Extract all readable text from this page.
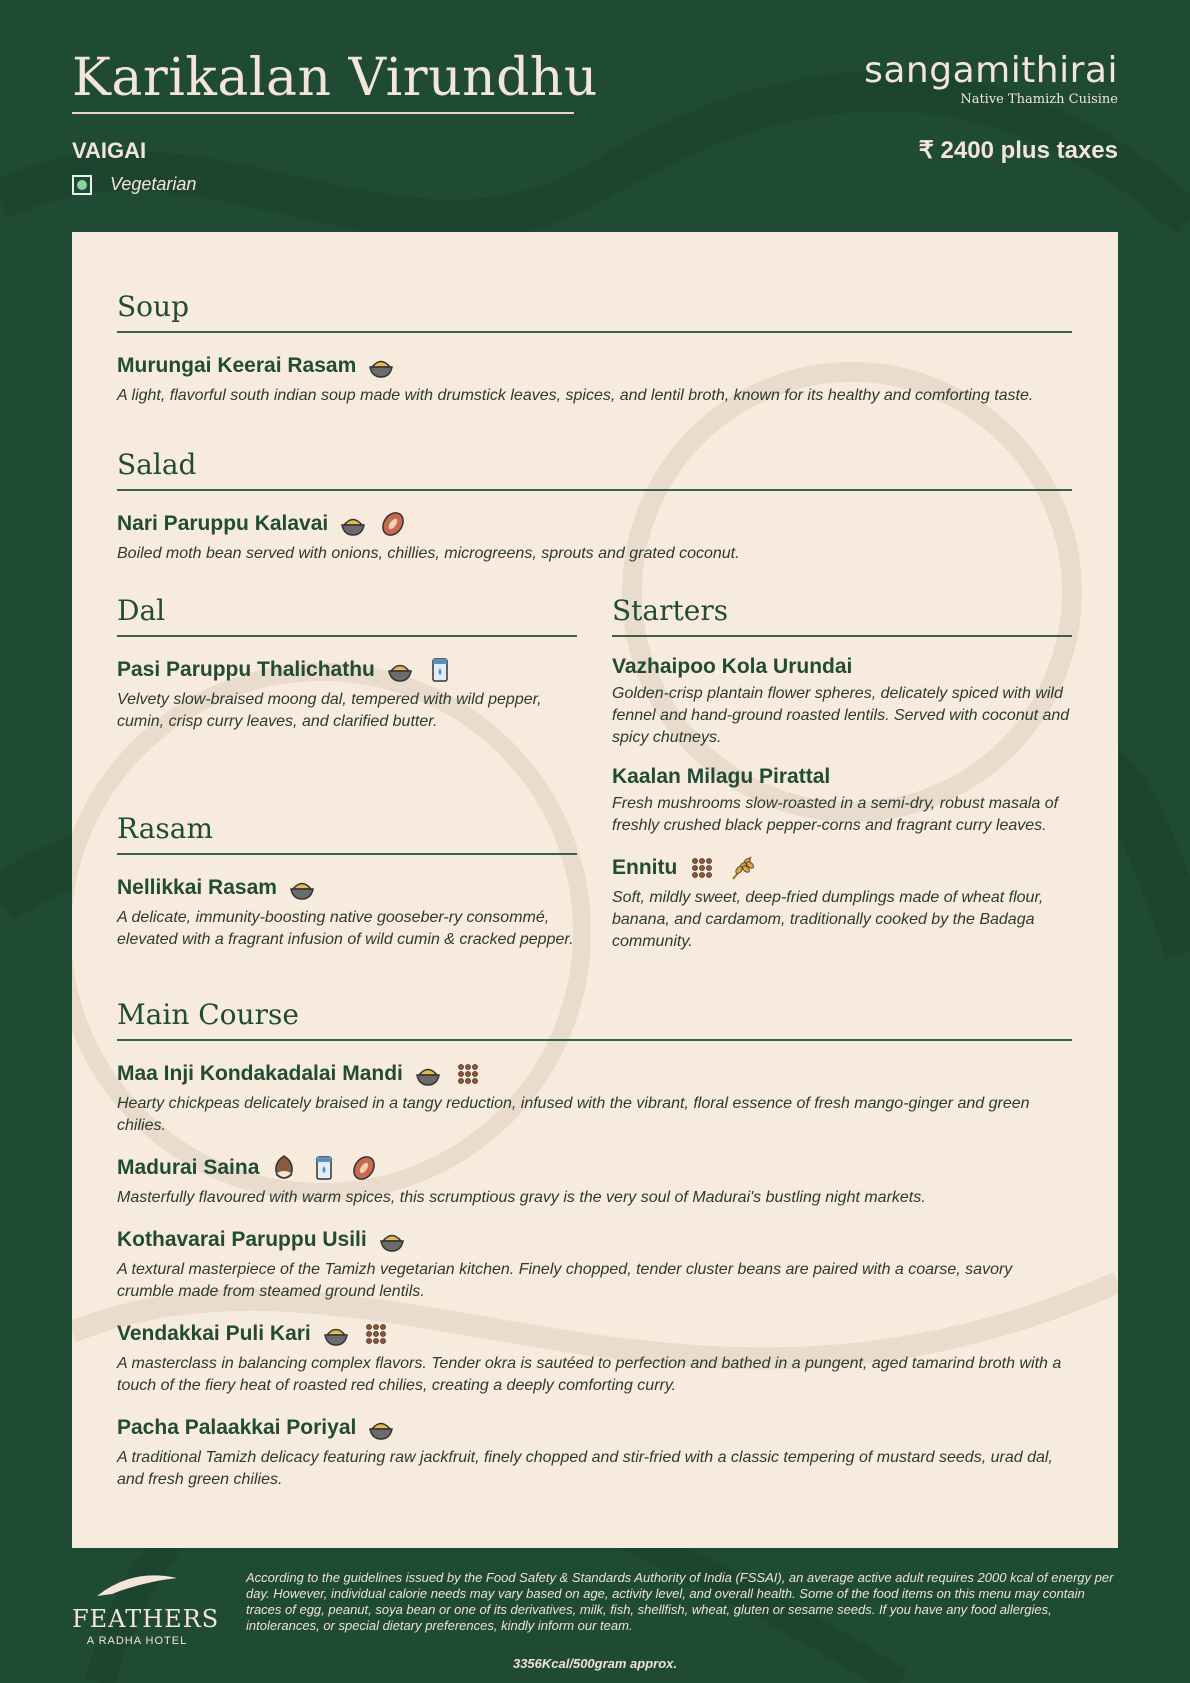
Karikalan Virundhu	sangamithirai
Native Thamizh Cuisine
VAIGAI	₹ 2400 plus taxes
Vegetarian
Soup
Murungai Keerai Rasam
A light, flavorful south indian soup made with drumstick leaves, spices, and lentil broth, known for its healthy and comforting taste.
Salad
Nari Paruppu Kalavai
Boiled moth bean served with onions, chillies, microgreens, sprouts and grated coconut.
Dal
Pasi Paruppu Thalichathu
Velvety slow-braised moong dal, tempered with wild pepper, cumin, crisp curry leaves, and clarified butter.
Rasam
Nellikkai Rasam
A delicate, immunity-boosting native gooseber-ry consommé, elevated with a fragrant infusion of wild cumin & cracked pepper.
Starters
Vazhaipoo Kola Urundai
Golden-crisp plantain flower spheres, delicately spiced with wild fennel and hand-ground roasted lentils. Served with coconut and spicy chutneys.
Kaalan Milagu Pirattal
Fresh mushrooms slow-roasted in a semi-dry, robust masala of freshly crushed black pepper-corns and fragrant curry leaves.
Ennitu
Soft, mildly sweet, deep-fried dumplings made of wheat flour, banana, and cardamom, traditionally cooked by the Badaga community.
Main Course
Maa Inji Kondakadalai Mandi
Hearty chickpeas delicately braised in a tangy reduction, infused with the vibrant, floral essence of fresh mango-ginger and green chilies.
Madurai Saina
Masterfully flavoured with warm spices, this scrumptious gravy is the very soul of Madurai's bustling night markets.
Kothavarai Paruppu Usili
A textural masterpiece of the Tamizh vegetarian kitchen. Finely chopped, tender cluster beans are paired with a coarse, savory crumble made from steamed ground lentils.
Vendakkai Puli Kari
A masterclass in balancing complex flavors. Tender okra is sautéed to perfection and bathed in a pungent, aged tamarind broth with a touch of the fiery heat of roasted red chilies, creating a deeply comforting curry.
Pacha Palaakkai Poriyal
A traditional Tamizh delicacy featuring raw jackfruit, finely chopped and stir-fried with a classic tempering of mustard seeds, urad dal, and fresh green chilies.
FEATHERS
A RADHA HOTEL
According to the guidelines issued by the Food Safety & Standards Authority of India (FSSAI), an average active adult requires 2000 kcal of energy per day. However, individual calorie needs may vary based on age, activity level, and overall health. Some of the food items on this menu may contain traces of egg, peanut, soya bean or one of its derivatives, milk, fish, shellfish, wheat, gluten or sesame seeds. If you have any food allergies, intolerances, or special dietary preferences, kindly inform our team.
3356Kcal/500gram approx.
